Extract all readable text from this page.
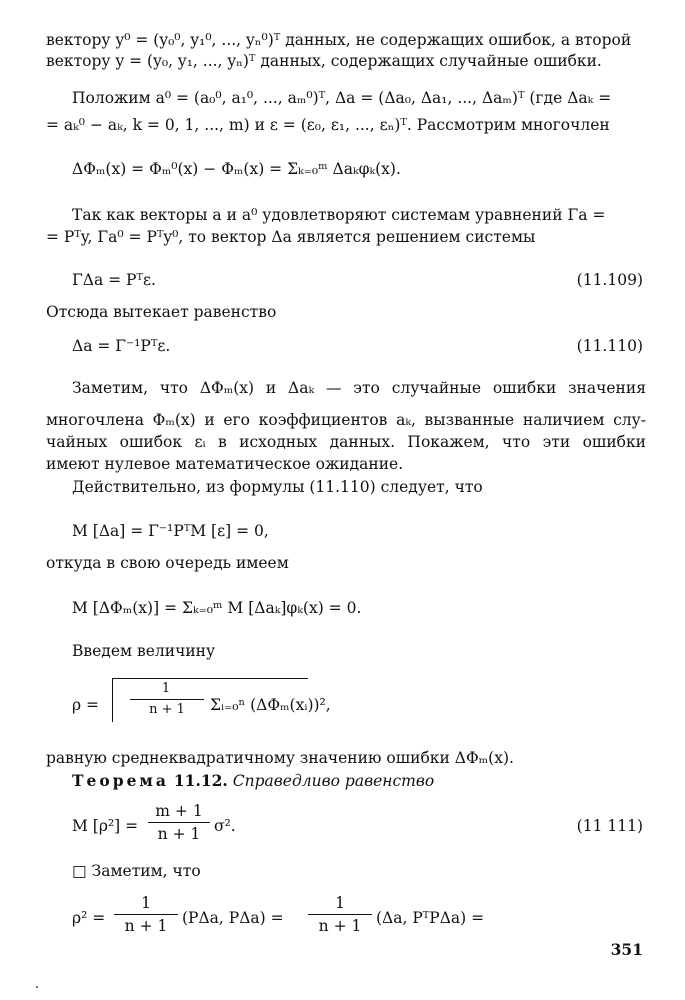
вектору y⁰ = (y₀⁰, y₁⁰, ..., yₙ⁰)ᵀ данных, не содержащих ошибок, а второй
вектору y = (y₀, y₁, ..., yₙ)ᵀ данных, содержащих случайные ошибки.
Положим a⁰ = (a₀⁰, a₁⁰, ..., aₘ⁰)ᵀ, Δa = (Δa₀, Δa₁, ..., Δaₘ)ᵀ (где Δaₖ =
= aₖ⁰ − aₖ, k = 0, 1, ..., m) и ε = (ε₀, ε₁, ..., εₙ)ᵀ. Рассмотрим многочлен
ΔΦₘ(x) = Φₘ⁰(x) − Φₘ(x) = Σₖ₌₀ᵐ Δaₖφₖ(x).
Так как векторы a и a⁰ удовлетворяют системам уравнений Γa =
= Pᵀy, Γa⁰ = Pᵀy⁰, то вектор Δa является решением системы
ΓΔa = Pᵀε.	(11.109)
Отсюда вытекает равенство
Δa = Γ⁻¹Pᵀε.	(11.110)
Заметим, что ΔΦₘ(x) и Δaₖ — это случайные ошибки значения
многочлена Φₘ(x) и его коэффициентов aₖ, вызванные наличием слу-
чайных ошибок εᵢ в исходных данных. Покажем, что эти ошибки
имеют нулевое математическое ожидание.
Действительно, из формулы (11.110) следует, что
M [Δa] = Γ⁻¹PᵀM [ε] = 0,
откуда в свою очередь имеем
M [ΔΦₘ(x)] = Σₖ₌₀ᵐ M [Δaₖ]φₖ(x) = 0.
Введем величину
ρ =
1
n + 1	Σᵢ₌₀ⁿ (ΔΦₘ(xᵢ))²,
равную среднеквадратичному значению ошибки ΔΦₘ(x).
Теорема 11.12. Справедливо равенство
M [ρ²] =
m + 1
n + 1 σ².	(11 111)
□ Заметим, что
ρ² =
1
n + 1 (PΔa, PΔa) =
1
n + 1 (Δa, PᵀPΔa) =
351
